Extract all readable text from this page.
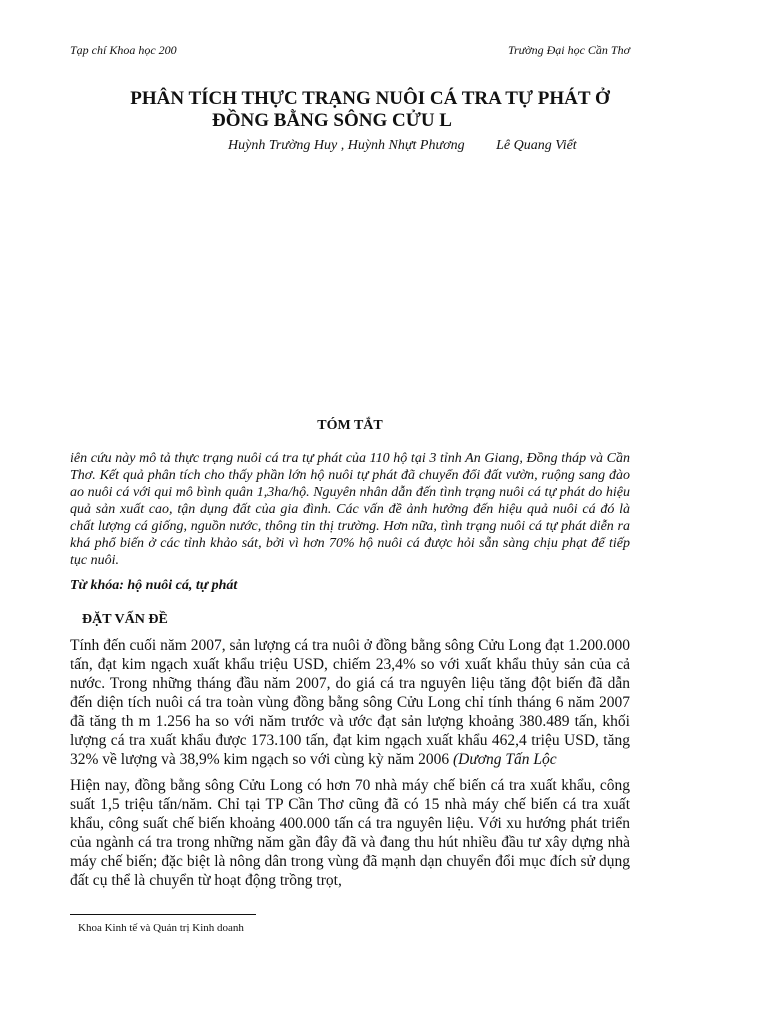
Tạp chí Khoa học 200	Trường Đại học Cần Thơ
PHÂN TÍCH THỰC TRẠNG NUÔI CÁ TRA TỰ PHÁT Ở
ĐỒNG BẰNG SÔNG CỬU L
Huỳnh Trường Huy , Huỳnh Nhựt Phương Lê Quang Viết
TÓM TẮT

iên cứu này mô tả thực trạng nuôi cá tra tự phát của 110 hộ tại 3 tỉnh An Giang, Đồng tháp và Cần Thơ. Kết quả phân tích cho thấy phần lớn hộ nuôi tự phát đã chuyển đổi đất vườn, ruộng sang đào ao nuôi cá với qui mô bình quân 1,3ha/hộ. Nguyên nhân dẫn đến tình trạng nuôi cá tự phát do hiệu quả sản xuất cao, tận dụng đất của gia đình. Các vấn đề ảnh hưởng đến hiệu quả nuôi cá đó là chất lượng cá giống, nguồn nước, thông tin thị trường. Hơn nữa, tình trạng nuôi cá tự phát diễn ra khá phổ biến ở các tỉnh khảo sát, bởi vì hơn 70% hộ nuôi cá được hỏi sẵn sàng chịu phạt để tiếp tục nuôi.

Từ khóa: hộ nuôi cá, tự phát
ĐẶT VẤN ĐỀ

Tính đến cuối năm 2007, sản lượng cá tra nuôi ở đồng bằng sông Cửu Long đạt 1.200.000 tấn, đạt kim ngạch xuất khẩu triệu USD, chiếm 23,4% so với xuất khẩu thủy sản của cả nước. Trong những tháng đầu năm 2007, do giá cá tra nguyên liệu tăng đột biến đã dẫn đến diện tích nuôi cá tra toàn vùng đồng bằng sông Cửu Long chỉ tính tháng 6 năm 2007 đã tăng th m 1.256 ha so với năm trước và ước đạt sản lượng khoảng 380.489 tấn, khối lượng cá tra xuất khẩu được 173.100 tấn, đạt kim ngạch xuất khẩu 462,4 triệu USD, tăng 32% về lượng và 38,9% kim ngạch so với cùng kỳ năm 2006 (Dương Tấn Lộc

Hiện nay, đồng bằng sông Cửu Long có hơn 70 nhà máy chế biến cá tra xuất khẩu, công suất 1,5 triệu tấn/năm. Chỉ tại TP Cần Thơ cũng đã có 15 nhà máy chế biến cá tra xuất khẩu, công suất chế biến khoảng 400.000 tấn cá tra nguyên liệu. Với xu hướng phát triển của ngành cá tra trong những năm gần đây đã và đang thu hút nhiều đầu tư xây dựng nhà máy chế biến; đặc biệt là nông dân trong vùng đã mạnh dạn chuyển đổi mục đích sử dụng đất cụ thể là chuyển từ hoạt động trồng trọt,

Khoa Kinh tế và Quản trị Kinh doanh
